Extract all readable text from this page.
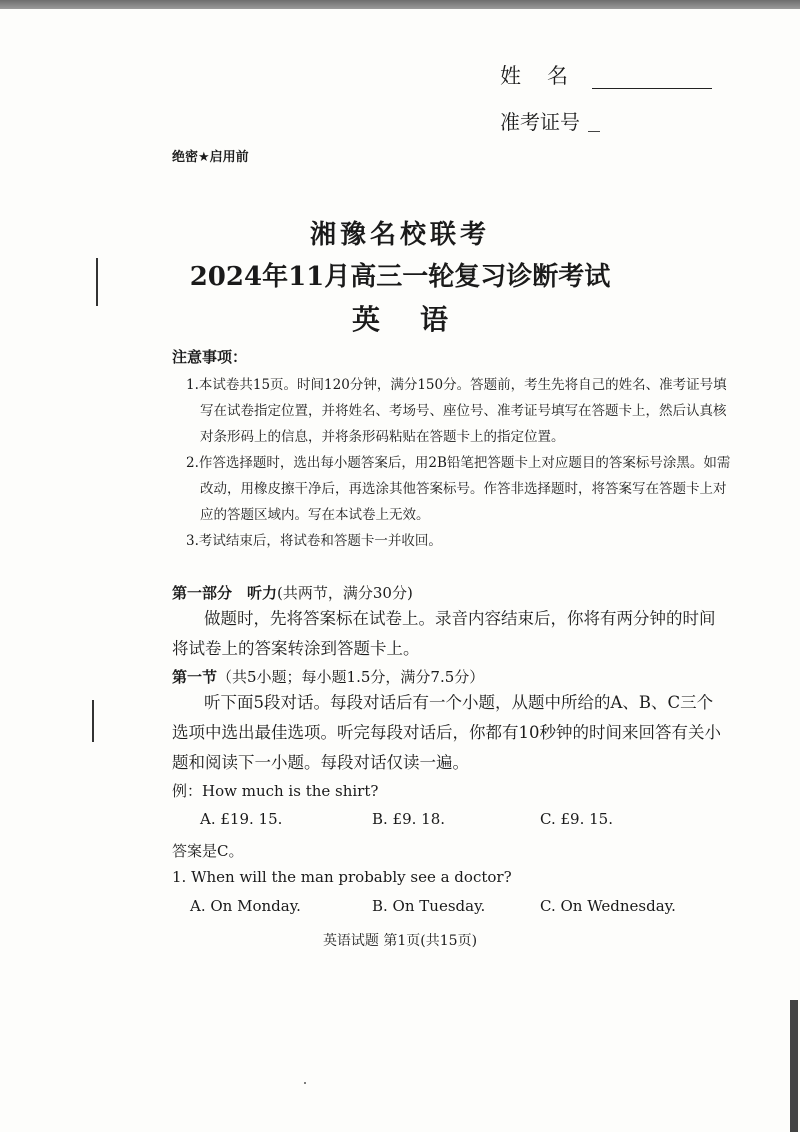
姓名

准考证号

绝密★启用前

湘豫名校联考

2024年11月高三一轮复习诊断考试

英语

注意事项：

1.本试卷共15页。时间120分钟，满分150分。答题前，考生先将自己的姓名、准考证号填写在试卷指定位置，并将姓名、考场号、座位号、准考证号填写在答题卡上，然后认真核对条形码上的信息，并将条形码粘贴在答题卡上的指定位置。

2.作答选择题时，选出每小题答案后，用2B铅笔把答题卡上对应题目的答案标号涂黑。如需改动，用橡皮擦干净后，再选涂其他答案标号。作答非选择题时，将答案写在答题卡上对应的答题区域内。写在本试卷上无效。

3.考试结束后，将试卷和答题卡一并收回。

第一部分　听力(共两节，满分30分)

做题时，先将答案标在试卷上。录音内容结束后，你将有两分钟的时间将试卷上的答案转涂到答题卡上。

第一节（共5小题；每小题1.5分，满分7.5分）

听下面5段对话。每段对话后有一个小题，从题中所给的A、B、C三个选项中选出最佳选项。听完每段对话后，你都有10秒钟的时间来回答有关小题和阅读下一小题。每段对话仅读一遍。

例：How much is the shirt?

A. £19. 15.	B. £9. 18.	C. £9. 15.

答案是C。

1. When will the man probably see a doctor?

A. On Monday.	B. On Tuesday.	C. On Wednesday.

英语试题 第1页(共15页)
